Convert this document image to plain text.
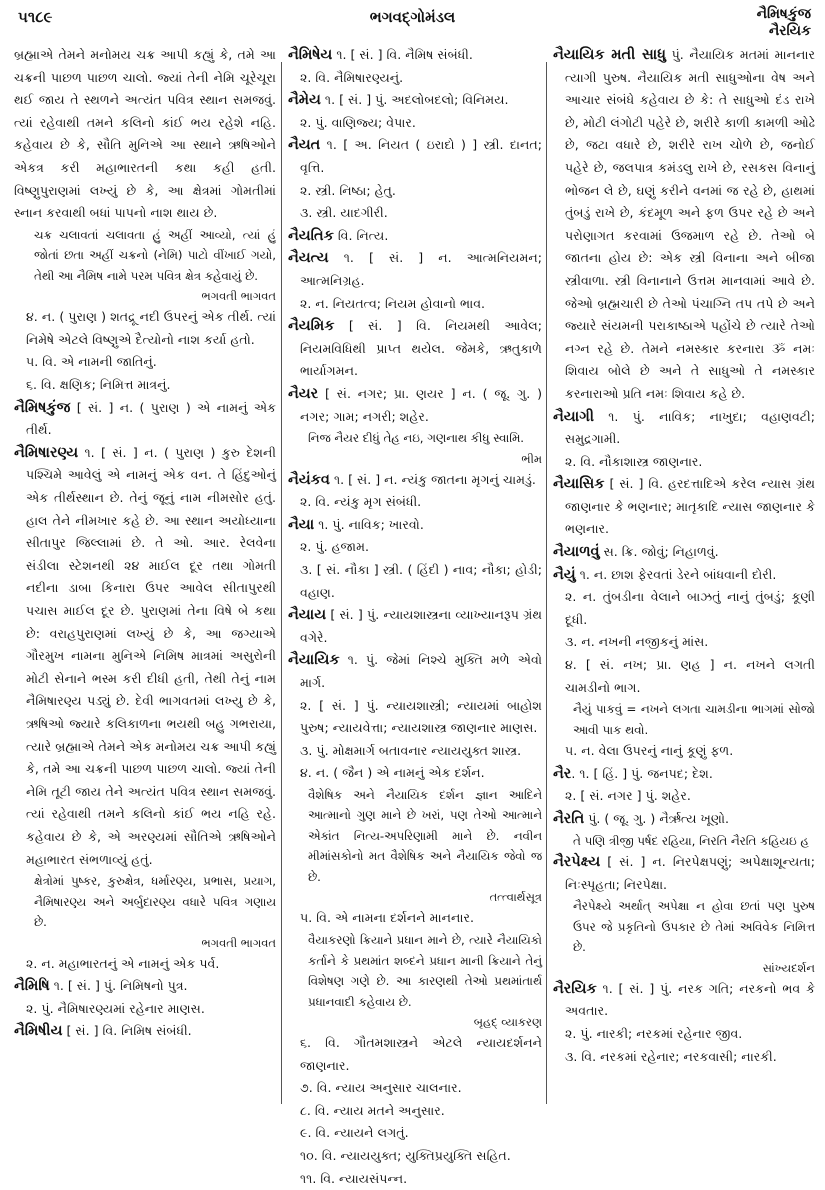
૫૧૮૯	ભગવદ્ગોમંડલ	નૈમિષકુંજ
નૈરયિક

બ્રહ્માએ તેમને મનોમય ચક્ર આપી કહ્યું કે, તમે આ ચક્રની પાછળ પાછળ ચાલો. જ્યાં તેની નેમિ ચૂરેચૂરા થઈ જાય તે સ્થળને અત્યંત પવિત્ર સ્થાન સમજવું. ત્યાં રહેવાથી તમને કલિનો કાંઈ ભય રહેશે નહિ. કહેવાય છે કે, સૌતિ મુનિએ આ સ્થાને ઋષિઓને એકત્ર કરી મહાભારતની કથા કહી હતી. વિષ્ણુપુરાણમાં લખ્યું છે કે, આ ક્ષેત્રમાં ગોમતીમાં સ્નાન કરવાથી બધાં પાપનો નાશ થાય છે.

ચક્ર ચલાવતાં ચલાવતા હું અહીં આવ્યો, ત્યાં હું જોતાં છતા અહીં ચક્રનો (નેમિ) પાટો વીંખાઈ ગયો, તેથી આ નૈમિષ નામે પરમ પવિત્ર ક્ષેત્ર કહેવાયું છે.

ભગવતી ભાગવત

૪. ન. ( પુરાણ ) શતદ્રૂ નદી ઉપરનું એક તીર્થ. ત્યાં નિમેષે એટલે વિષ્ણુએ દૈત્યોનો નાશ કર્યા હતો.

૫. વિ. એ નામની જાતિનું.

૬. વિ. ક્ષણિક; નિમિત્ત માત્રનું.

નૈમિષકુંજ [ સં. ] ન. ( પુરાણ ) એ નામનું એક તીર્થ.

નૈમિષારણ્ય ૧. [ સં. ] ન. ( પુરાણ ) કુરુ દેશની પશ્ચિમે આવેલું એ નામનું એક વન. તે હિંદુઓનું એક તીર્થસ્થાન છે. તેનું જૂનું નામ નીમસોર હતું. હાલ તેને નીમખાર કહે છે. આ સ્થાન અયોધ્યાના સીતાપુર જિલ્લામાં છે. તે ઓ. આર. રેલવેના સંડીલા સ્ટેશનથી ૨૪ માઈલ દૂર તથા ગોમતી નદીના ડાબા કિનારા ઉપર આવેલ સીતાપુરથી પચાસ માઈલ દૂર છે. પુરાણમાં તેના વિષે બે કથા છે: વરાહપુરાણમાં લખ્યું છે કે, આ જગ્યાએ ગૌરમુખ નામના મુનિએ નિમિષ માત્રમાં અસુરોની મોટી સેનાને ભસ્મ કરી દીધી હતી, તેથી તેનું નામ નૈમિષારણ્ય પડ્યું છે. દેવી ભાગવતમાં લખ્યુ છે કે, ઋષિઓ જ્યારે કલિકાળના ભયથી બહુ ગભરાયા, ત્યારે બ્રહ્માએ તેમને એક મનોમય ચક્ર આપી કહ્યું કે, તમે આ ચક્રની પાછળ પાછળ ચાલો. જ્યાં તેની નેમિ તૂટી જાય તેને અત્યંત પવિત્ર સ્થાન સમજવું. ત્યાં રહેવાથી તમને કલિનો કાંઈ ભય નહિ રહે. કહેવાય છે કે, એ અરણ્યમાં સૌતિએ ઋષિઓને મહાભારત સંભળાવ્યું હતું.

ક્ષેત્રોમાં પુષ્કર, કુરુક્ષેત્ર, ધર્મારણ્ય, પ્રભાસ, પ્રયાગ, નૈમિષારણ્ય અને અર્બુદારણ્ય વધારે પવિત્ર ગણાય છે.

ભગવતી ભાગવત

૨. ન. મહાભારતનું એ નામનું એક પર્વ.

નૈમિષિ ૧. [ સં. ] પું. નિમિષનો પુત્ર.

૨. પું. નૈમિષારણ્યમાં રહેનાર માણસ.

નૈમિષીય [ સં. ] વિ. નિમિષ સંબંધી.

નૈમિષેય ૧. [ સં. ] વિ. નૈમિષ સંબંધી.

૨. વિ. નૈમિષારણ્યનું.

નૈમેય ૧. [ સં. ] પું. અદલોબદલો; વિનિમય.

૨. પું. વાણિજ્ય; વેપાર.

નૈયત ૧. [ અ. નિયત ( ઇરાદો ) ] સ્ત્રી. દાનત; વૃત્તિ.

૨. સ્ત્રી. નિષ્ઠા; હેતુ.

૩. સ્ત્રી. યાદગીરી.

નૈયતિક વિ. નિત્ય.

નૈયત્ય ૧. [ સં. ] ન. આત્મનિયમન; આત્મનિગ્રહ.

૨. ન. નિયતત્વ; નિયમ હોવાનો ભાવ.

નૈયમિક [ સં. ] વિ. નિયમથી આવેલ; નિયમવિધિથી પ્રાપ્ત થયેલ. જેમકે, ઋતુકાળે ભાર્યાગમન.

નૈયર [ સં. નગર; પ્રા. ણયર ] ન. ( જૂ. ગુ. ) નગર; ગામ; નગરી; શહેર.

નિજ નૈયર દીધું તેહ નઇ, ગણનાથ કીધુ સ્વામિ.

ભીમ

નૈયંકવ ૧. [ સં. ] ન. ન્યંકુ જાતના મૃગનું ચામડું.

૨. વિ. ન્યંકુ મૃગ સંબંધી.

નૈયા ૧. પું. નાવિક; ખારવો.

૨. પું. હજામ.

૩. [ સં. નૌકા ] સ્ત્રી. ( હિંદી ) નાવ; નૌકા; હોડી; વહાણ.

નૈયાય [ સં. ] પું. ન્યાયશાસ્ત્રના વ્યાખ્યાનરૂપ ગ્રંથ વગેરે.

નૈયાયિક ૧. પું. જેમાં નિશ્ચે મુક્તિ મળે એવો માર્ગ.

૨. [ સં. ] પું. ન્યાયશાસ્ત્રી; ન્યાયમાં બાહોશ પુરુષ; ન્યાયવેત્તા; ન્યાયશાસ્ત્ર જાણનાર માણસ.

૩. પું. મોક્ષમાર્ગ બતાવનાર ન્યાયયુક્ત શાસ્ત્ર.

૪. ન. ( જૈન ) એ નામનું એક દર્શન.

વૈશેષિક અને નૈયાયિક દર્શન જ્ઞાન આદિને આત્માનો ગુણ માને છે ખરાં, પણ તેઓ આત્માને એકાંત નિત્ય-અપરિણામી માને છે. નવીન મીમાંસકોનો મત વૈશેષિક અને નૈયાયિક જેવો જ છે.

તત્ત્વાર્થસૂત્ર

૫. વિ. એ નામના દર્શનને માનનાર.

વૈયાકરણો ક્રિયાને પ્રધાન માને છે, ત્યારે નૈયાયિકો કર્તાને કે પ્રથમાંત શબ્દને પ્રધાન માની ક્રિયાને તેનું વિશેષણ ગણે છે. આ કારણથી તેઓ પ્રથમાંતાર્થ પ્રધાનવાદી કહેવાય છે.

બૃહદ્ વ્યાકરણ

૬. વિ. ગૌતમશાસ્ત્રને એટલે ન્યાયદર્શનને જાણનાર.

૭. વિ. ન્યાય અનુસાર ચાલનાર.

૮. વિ. ન્યાય મતને અનુસાર.

૯. વિ. ન્યાયને લગતું.

૧૦. વિ. ન્યાયયુક્ત; યુક્તિપ્રયુક્તિ સહિત.

૧૧. વિ. ન્યાયસંપન્ન.

નૈયાયિક મતી સાધુ પું. નૈયાયિક મતમાં માનનાર ત્યાગી પુરુષ. નૈયાયિક મતી સાધુઓના વેષ અને આચાર સંબંધે કહેવાય છે કે: તે સાધુઓ દંડ રાખે છે, મોટી લંગોટી પહેરે છે, શરીરે કાળી કામળી ઓઢે છે, જટા વધારે છે, શરીરે રાખ ચોળે છે, જનોઈ પહેરે છે, જલપાત્ર કમંડલુ રાખે છે, રસકસ વિનાનું ભોજન લે છે, ઘણું કરીને વનમાં જ રહે છે, હાથમાં તુંબડું રાખે છે, કંદમૂળ અને ફળ ઉપર રહે છે અને પરોણાગત કરવામાં ઉજમાળ રહે છે. તેઓ બે જાતના હોય છે: એક સ્ત્રી વિનાના અને બીજા સ્ત્રીવાળા. સ્ત્રી વિનાનાને ઉત્તમ માનવામાં આવે છે. જેઓ બ્રહ્મચારી છે તેઓ પંચાગ્નિ તપ તપે છે અને જ્યારે સંયમની પરાકાષ્ઠાએ પહોંચે છે ત્યારે તેઓ નગ્ન રહે છે. તેમને નમસ્કાર કરનારા ૐ નમઃ શિવાય બોલે છે અને તે સાધુઓ તે નમસ્કાર કરનારાઓ પ્રતિ નમઃ શિવાય કહે છે.

નૈયાગી ૧. પું. નાવિક; નાખુદા; વહાણવટી; સમુદ્રગામી.

૨. વિ. નૌકાશાસ્ત્ર જાણનાર.

નૈયાસિક [ સં. ] વિ. હરદત્તાદિએ કરેલ ન્યાસ ગ્રંથ જાણનાર કે ભણનાર; માતૃકાદિ ન્યાસ જાણનાર કે ભણનાર.

નૈયાળવું સ. ક્રિ. જોવું; નિહાળવું.

નૈયું ૧. ન. છાશ ફેરવતાં ડેરને બાંધવાની દોરી.

૨. ન. તુંબડીના વેલાને બાઝતું નાનું તુંબડું; કૂણી દૂધી.

૩. ન. નખની નજીકનું માંસ.

૪. [ સં. નખ; પ્રા. ણહ ] ન. નખને લગતી ચામડીનો ભાગ.

નૈયું પાકવું = નખને લગતા ચામડીના ભાગમાં સોજો આવી પાક થવો.

૫. ન. વેલા ઉપરનું નાનું કૂણું ફળ.

નૈર. ૧. [ હિં. ] પું. જનપદ; દેશ.

૨. [ સં. નગર ] પું. શહેર.

નૈરતિ પું. ( જૂ. ગુ. ) નૈર્ઋત્ય ખૂણો.

તે પણિ ત્રીજી પર્ષદ રહિયા, નિરતિ નૈરતિ કહિયઇ હ

નૈરપેક્ષ્ય [ સં. ] ન. નિરપેક્ષપણું; અપેક્ષાશૂન્યતા; નિઃસ્પૃહતા; નિરપેક્ષા.

નૈરપેક્ષ્યે અર્થાત્ અપેક્ષા ન હોવા છતાં પણ પુરુષ ઉપર જે પ્રકૃતિનો ઉપકાર છે તેમાં અવિવેક નિમિત્ત છે.

સાંખ્યદર્શન

નૈરયિક ૧. [ સં. ] પું. નરક ગતિ; નરકનો ભવ કે અવતાર.

૨. પું. નારકી; નરકમાં રહેનાર જીવ.

૩. વિ. નરકમાં રહેનાર; નરકવાસી; નારકી.
